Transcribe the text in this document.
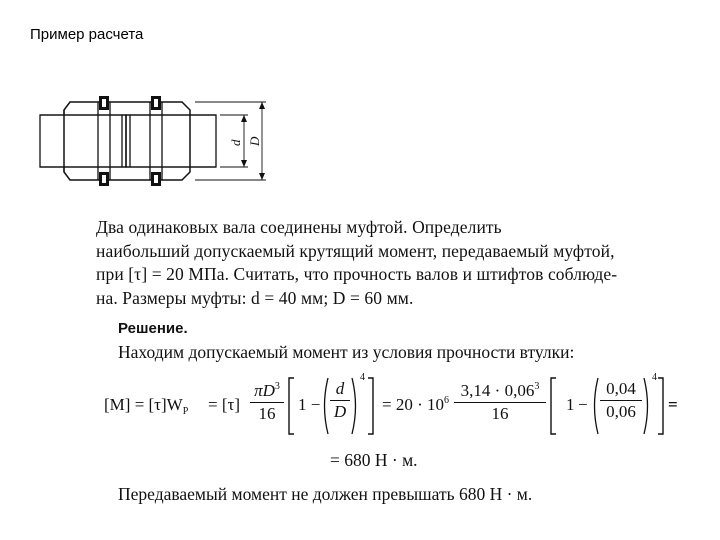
Пример расчета
d D
Два одинаковых вала соединены муфтой. Определить
наибольший допускаемый крутящий момент, передаваемый муфтой,
при [τ] = 20 МПа. Считать, что прочность валов и штифтов соблюде-
на. Размеры муфты: d = 40 мм; D = 60 мм.
Решение.
Находим допускаемый момент из условия прочности втулки:
$[M] = [\tau]W_P = [\tau] \frac{\pi D^3}{16} 1 - \frac{d}{D}$
4
= $20 \cdot 10^6 \frac{3,14 \cdot 0,06^3}{16} 1 - \frac{0,04}{0,06}$
4
=
= 680 Н · м.
Передаваемый момент не должен превышать 680 Н · м.
